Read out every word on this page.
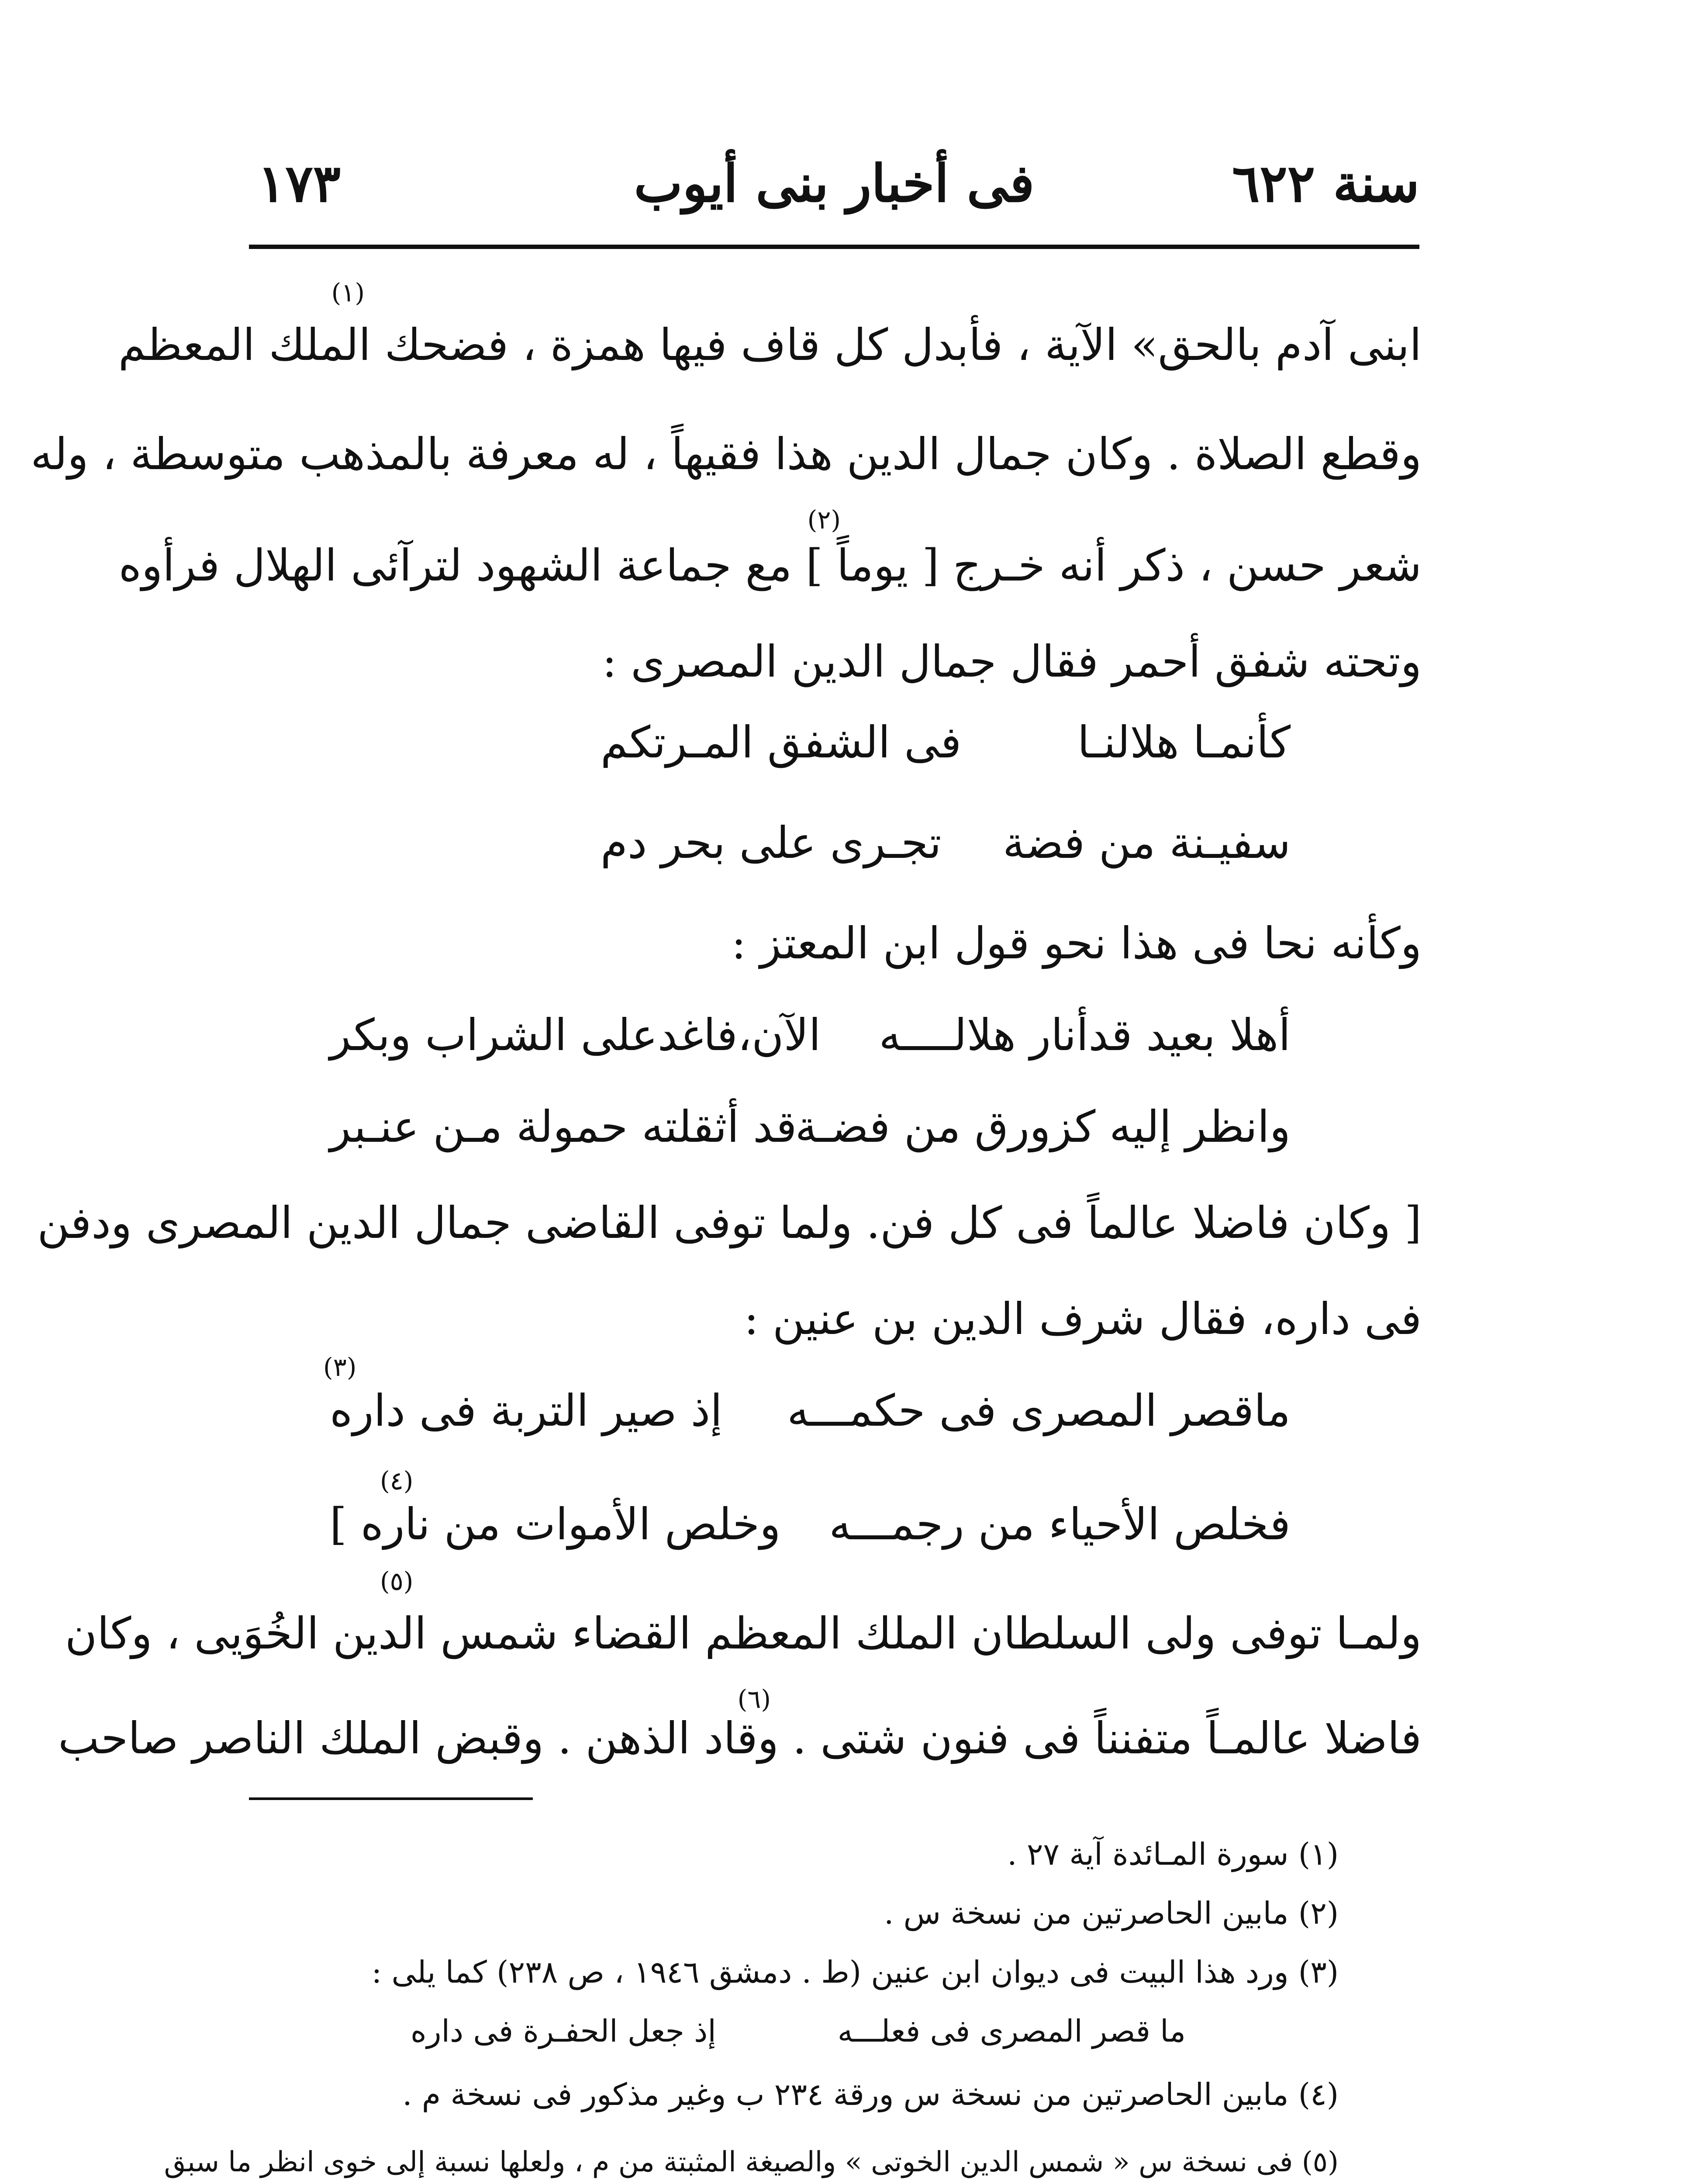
سنة ٦٢٢
فى أخبار بنى أيوب
١٧٣
(١)
ابنى آدم بالحق» الآية ، فأبدل كل قاف فيها همزة ، فضحك الملك المعظم
وقطع الصلاة . وكان جمال الدين هذا فقيهاً ، له معرفة بالمذهب متوسطة ، وله
(٢)
شعر حسن ، ذكر أنه خـرج [ يوماً ] مع جماعة الشهود لترآئى الهلال فرأوه
وتحته شفق أحمر فقال جمال الدين المصرى :
كأنمـا هلالنـا
فى الشفق المـرتكم
سفيـنة من فضة
تجـرى على بحر دم
وكأنه نحا فى هذا نحو قول ابن المعتز :
أهلا بعيد قدأنار هلالــــه
الآن،فاغدعلى الشراب وبكر
وانظر إليه كزورق من فضـة
قد أثقلته حمولة مـن عنـبر
[ وكان فاضلا عالماً فى كل فن. ولما توفى القاضى جمال الدين المصرى ودفن
فى داره، فقال شرف الدين بن عنين :
(٣)
ماقصر المصرى فى حكمـــه
إذ صير التربة فى داره
(٤)
فخلص الأحياء من رجمـــه
وخلص الأموات من ناره ]
(٥)
ولمـا توفى ولى السلطان الملك المعظم القضاء شمس الدين الخُوَيى ، وكان
(٦)
فاضلا عالمـاً متفنناً فى فنون شتى . وقاد الذهن . وقبض الملك الناصر صاحب
(١) سورة المـائدة آية ٢٧ .
(٢) مابين الحاصرتين من نسخة س .
(٣) ورد هذا البيت فى ديوان ابن عنين (ط . دمشق ١٩٤٦ ، ص ٢٣٨) كما يلى :
ما قصر المصرى فى فعلـــه
إذ جعل الحفـرة فى داره
(٤) مابين الحاصرتين من نسخة س ورقة ٢٣٤ ب وغير مذكور فى نسخة م .
(٥) فى نسخة س « شمس الدين الخوتى » والصيغة المثبتة من م ، ولعلها نسبة إلى خوى انظر ما سبق
